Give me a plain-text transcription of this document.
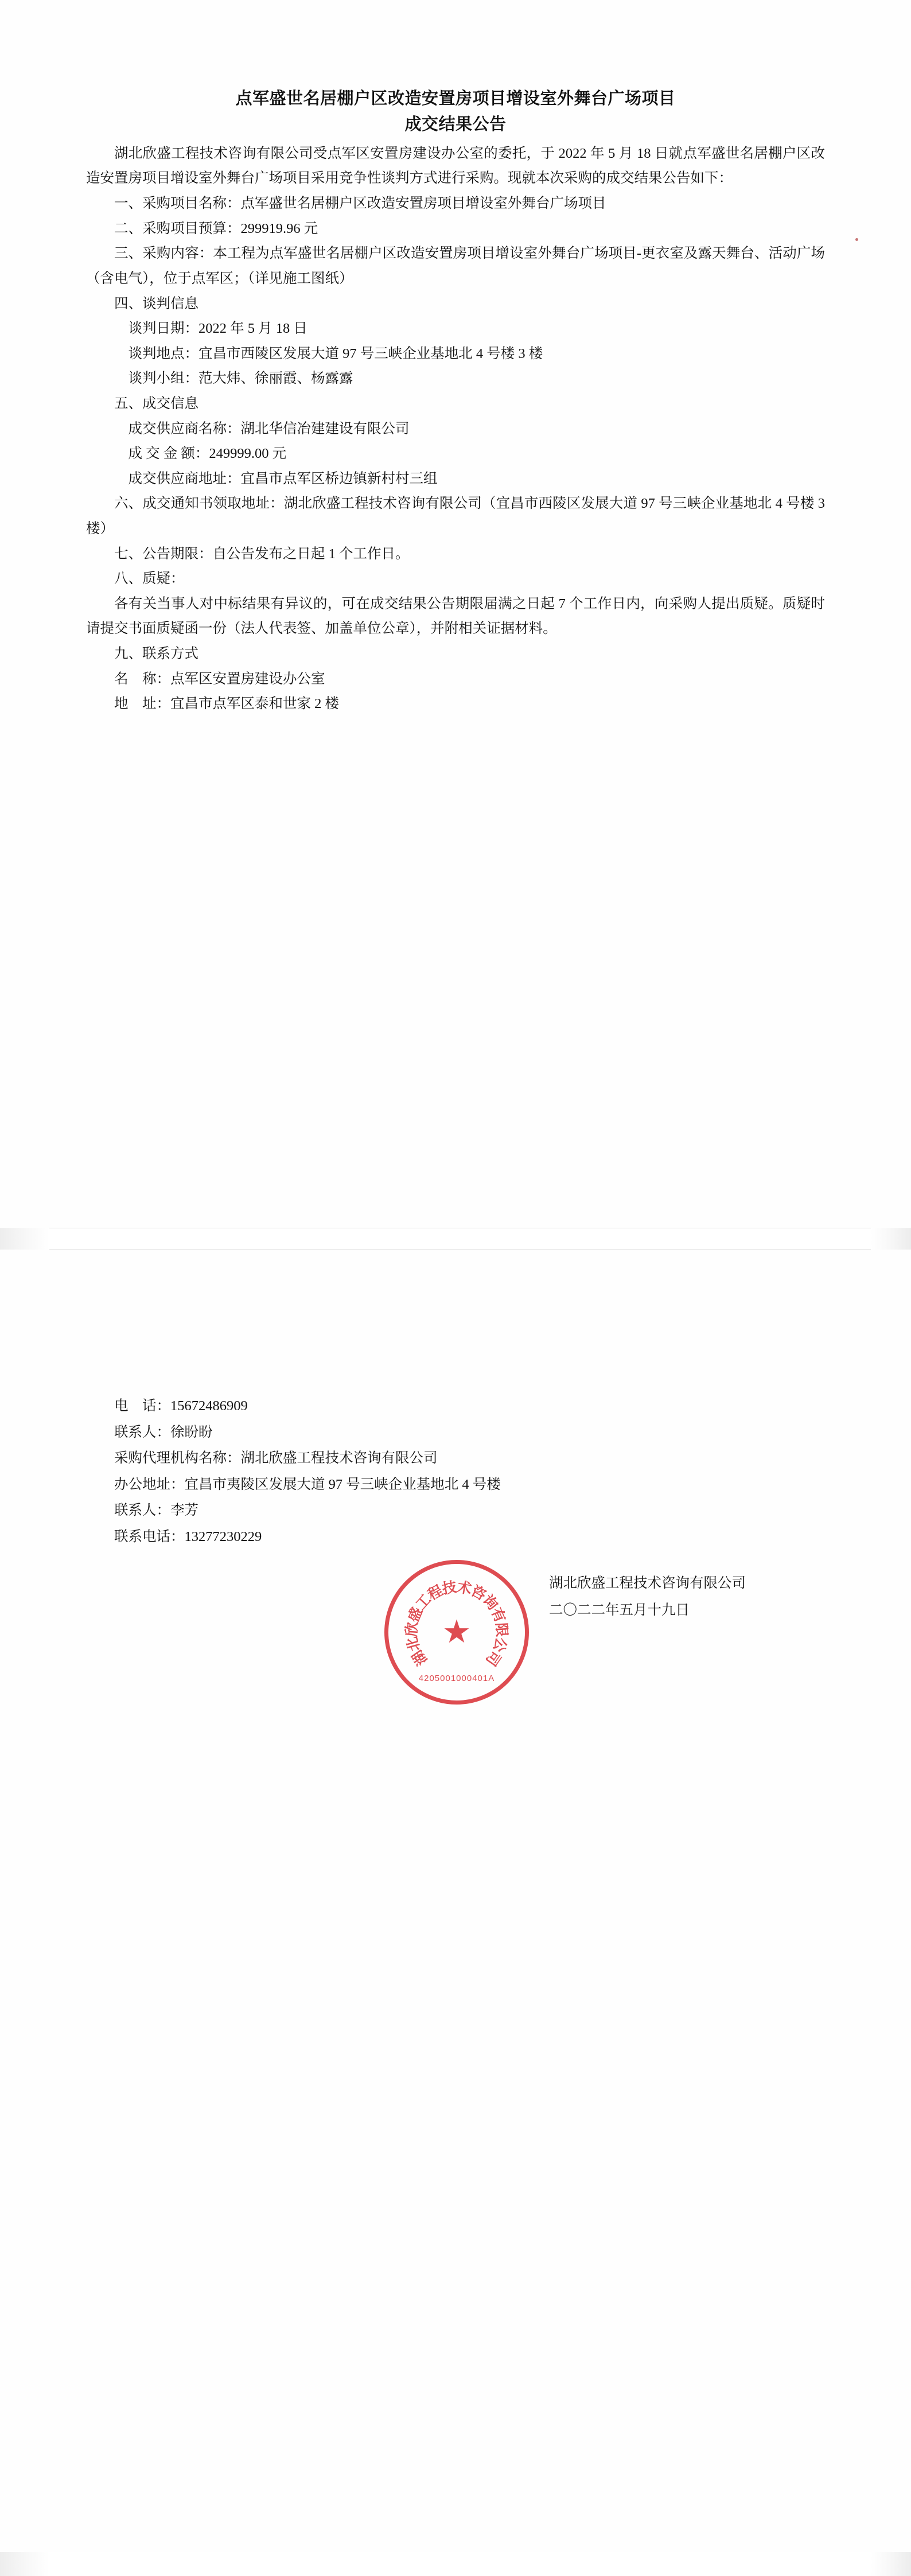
点军盛世名居棚户区改造安置房项目增设室外舞台广场项目
成交结果公告

湖北欣盛工程技术咨询有限公司受点军区安置房建设办公室的委托，于 2022 年 5 月 18 日就点军盛世名居棚户区改造安置房项目增设室外舞台广场项目采用竞争性谈判方式进行采购。现就本次采购的成交结果公告如下：

一、采购项目名称：点军盛世名居棚户区改造安置房项目增设室外舞台广场项目

二、采购项目预算：299919.96 元

三、采购内容：本工程为点军盛世名居棚户区改造安置房项目增设室外舞台广场项目-更衣室及露天舞台、活动广场（含电气），位于点军区；（详见施工图纸）

四、谈判信息

谈判日期：2022 年 5 月 18 日

谈判地点：宜昌市西陵区发展大道 97 号三峡企业基地北 4 号楼 3 楼

谈判小组：范大炜、徐丽霞、杨露露

五、成交信息

成交供应商名称：湖北华信冶建建设有限公司

成 交 金 额：249999.00 元

成交供应商地址：宜昌市点军区桥边镇新村村三组

六、成交通知书领取地址：湖北欣盛工程技术咨询有限公司（宜昌市西陵区发展大道 97 号三峡企业基地北 4 号楼 3 楼）

七、公告期限：自公告发布之日起 1 个工作日。

八、质疑：

各有关当事人对中标结果有异议的，可在成交结果公告期限届满之日起 7 个工作日内，向采购人提出质疑。质疑时请提交书面质疑函一份（法人代表签、加盖单位公章），并附相关证据材料。

九、联系方式

名　称：点军区安置房建设办公室

地　址：宜昌市点军区泰和世家 2 楼

电　话：15672486909

联系人：徐盼盼

采购代理机构名称：湖北欣盛工程技术咨询有限公司

办公地址：宜昌市夷陵区发展大道 97 号三峡企业基地北 4 号楼

联系人：李芳

联系电话：13277230229

湖北欣盛工程技术咨询有限公司
二〇二二年五月十九日
湖
北
欣
盛
工
程
技
术
咨
询
有
限
公
司
★
4205001000401A
